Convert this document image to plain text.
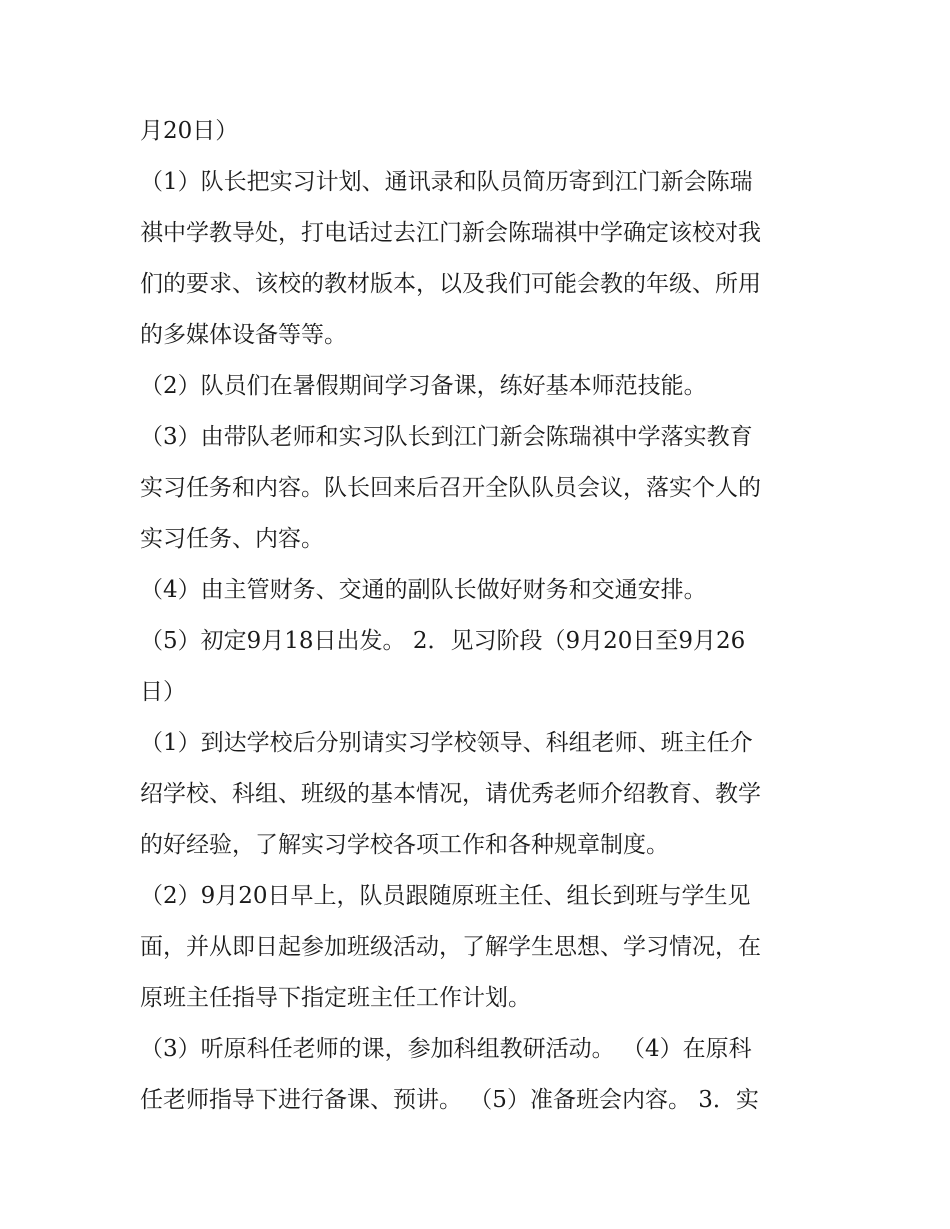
月20日）
（1）队长把实习计划、通讯录和队员简历寄到江门新会陈瑞
祺中学教导处，打电话过去江门新会陈瑞祺中学确定该校对我
们的要求、该校的教材版本，以及我们可能会教的年级、所用
的多媒体设备等等。
（2）队员们在暑假期间学习备课，练好基本师范技能。
（3）由带队老师和实习队长到江门新会陈瑞祺中学落实教育
实习任务和内容。队长回来后召开全队队员会议，落实个人的
实习任务、内容。
（4）由主管财务、交通的副队长做好财务和交通安排。
（5）初定9月18日出发。 2．见习阶段（9月20日至9月26
日）
（1）到达学校后分别请实习学校领导、科组老师、班主任介
绍学校、科组、班级的基本情况，请优秀老师介绍教育、教学
的好经验，了解实习学校各项工作和各种规章制度。
（2）9月20日早上，队员跟随原班主任、组长到班与学生见
面，并从即日起参加班级活动，了解学生思想、学习情况，在
原班主任指导下指定班主任工作计划。
（3）听原科任老师的课，参加科组教研活动。 （4）在原科
任老师指导下进行备课、预讲。 （5）准备班会内容。 3．实
